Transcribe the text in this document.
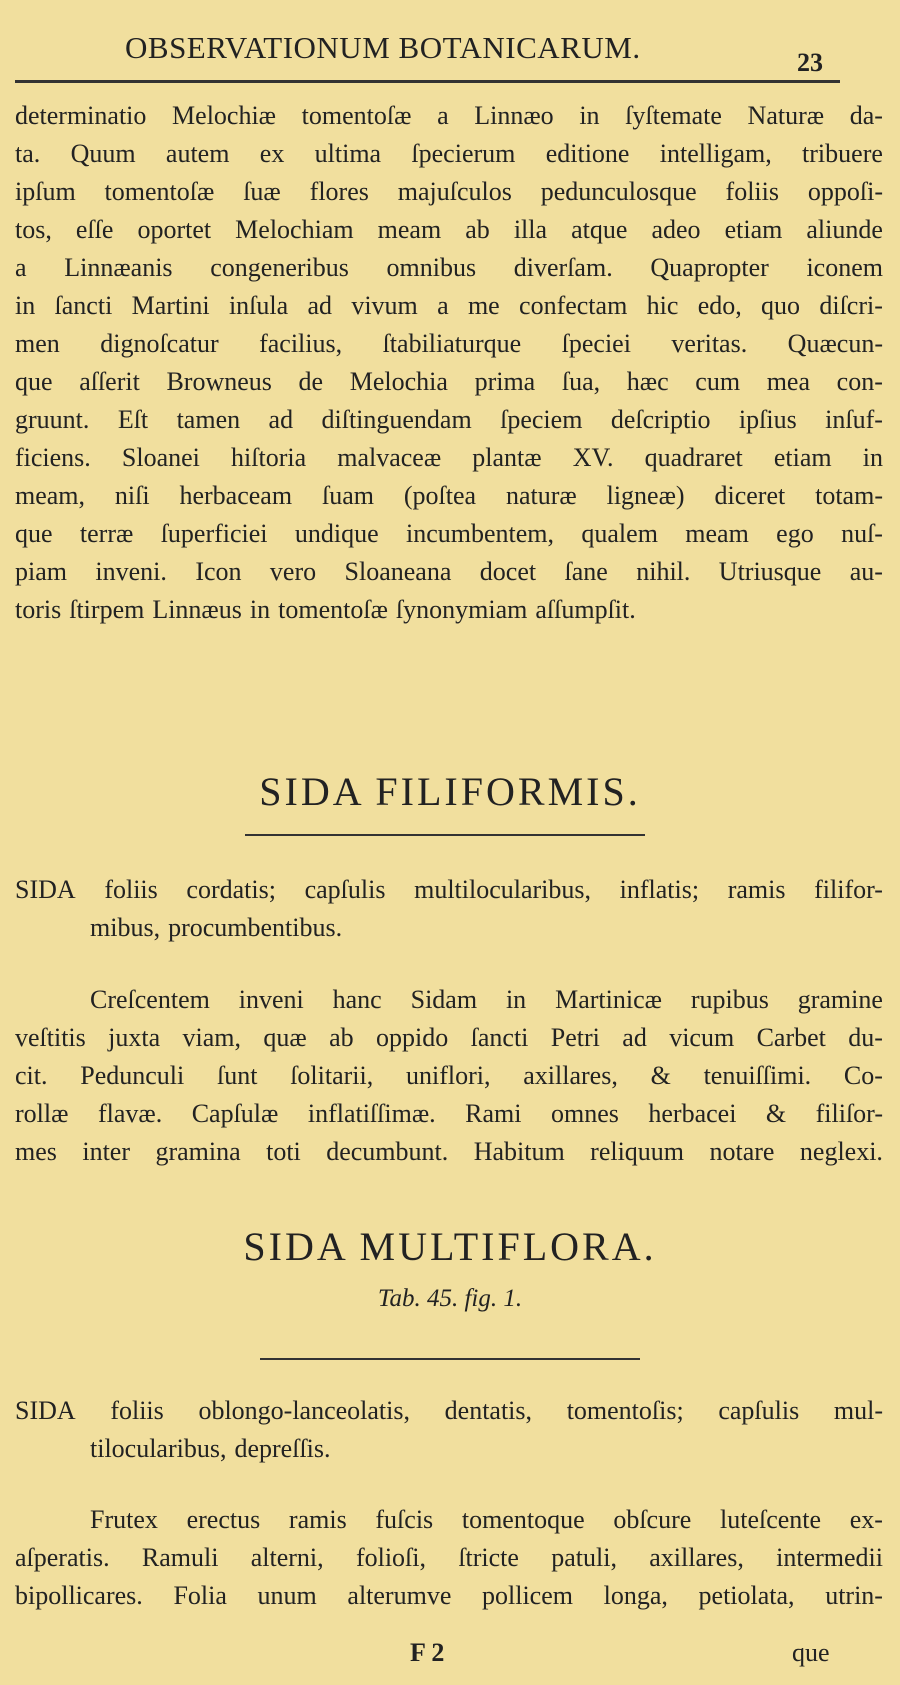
OBSERVATIONUM BOTANICARUM.	23
determinatio Melochiæ tomentoſæ a Linnæo in ſyſtemate Naturæ da-
ta. Quum autem ex ultima ſpecierum editione intelligam, tribuere
ipſum tomentoſæ ſuæ flores majuſculos pedunculosque foliis oppoſi-
tos, eſſe oportet Melochiam meam ab illa atque adeo etiam aliunde
a Linnæanis congeneribus omnibus diverſam. Quapropter iconem
in ſancti Martini inſula ad vivum a me confectam hic edo, quo diſcri-
men dignoſcatur facilius, ſtabiliaturque ſpeciei veritas. Quæcun-
que aſſerit Browneus de Melochia prima ſua, hæc cum mea con-
gruunt. Eſt tamen ad diſtinguendam ſpeciem deſcriptio ipſius inſuf-
ficiens. Sloanei hiſtoria malvaceæ plantæ XV. quadraret etiam in
meam, niſi herbaceam ſuam (poſtea naturæ ligneæ) diceret totam-
que terræ ſuperficiei undique incumbentem, qualem meam ego nuſ-
piam inveni. Icon vero Sloaneana docet ſane nihil. Utriusque au-
toris ſtirpem Linnæus in tomentoſæ ſynonymiam aſſumpſit.
SIDA FILIFORMIS.
SIDA foliis cordatis; capſulis multilocularibus, inflatis; ramis filifor-
mibus, procumbentibus.
Creſcentem inveni hanc Sidam in Martinicæ rupibus gramine
veſtitis juxta viam, quæ ab oppido ſancti Petri ad vicum Carbet du-
cit. Pedunculi ſunt ſolitarii, uniflori, axillares, & tenuiſſimi. Co-
rollæ flavæ. Capſulæ inflatiſſimæ. Rami omnes herbacei & filiſor-
mes inter gramina toti decumbunt. Habitum reliquum notare neglexi.
SIDA MULTIFLORA.
Tab. 45. fig. 1.
SIDA foliis oblongo-lanceolatis, dentatis, tomentoſis; capſulis mul-
tilocularibus, depreſſis.
Frutex erectus ramis fuſcis tomentoque obſcure luteſcente ex-
aſperatis. Ramuli alterni, folioſi, ſtricte patuli, axillares, intermedii
bipollicares. Folia unum alterumve pollicem longa, petiolata, utrin-
F 2	que
